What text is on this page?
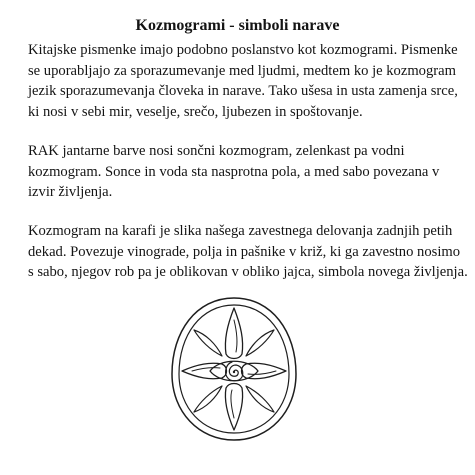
Kozmogrami - simboli narave

Kitajske pismenke imajo podobno poslanstvo kot kozmogrami. Pismenke
se uporabljajo za sporazumevanje med ljudmi, medtem ko je kozmogram
jezik sporazumevanja človeka in narave. Tako ušesa in usta zamenja srce,
ki nosi v sebi mir, veselje, srečo, ljubezen in spoštovanje.

RAK jantarne barve nosi sončni kozmogram, zelenkast pa vodni
kozmogram. Sonce in voda sta nasprotna pola, a med sabo povezana v
izvir življenja.

Kozmogram na karafi je slika našega zavestnega delovanja zadnjih petih
dekad. Povezuje vinograde, polja in pašnike v križ, ki ga zavestno nosimo
s sabo, njegov rob pa je oblikovan v obliko jajca, simbola novega življenja.
